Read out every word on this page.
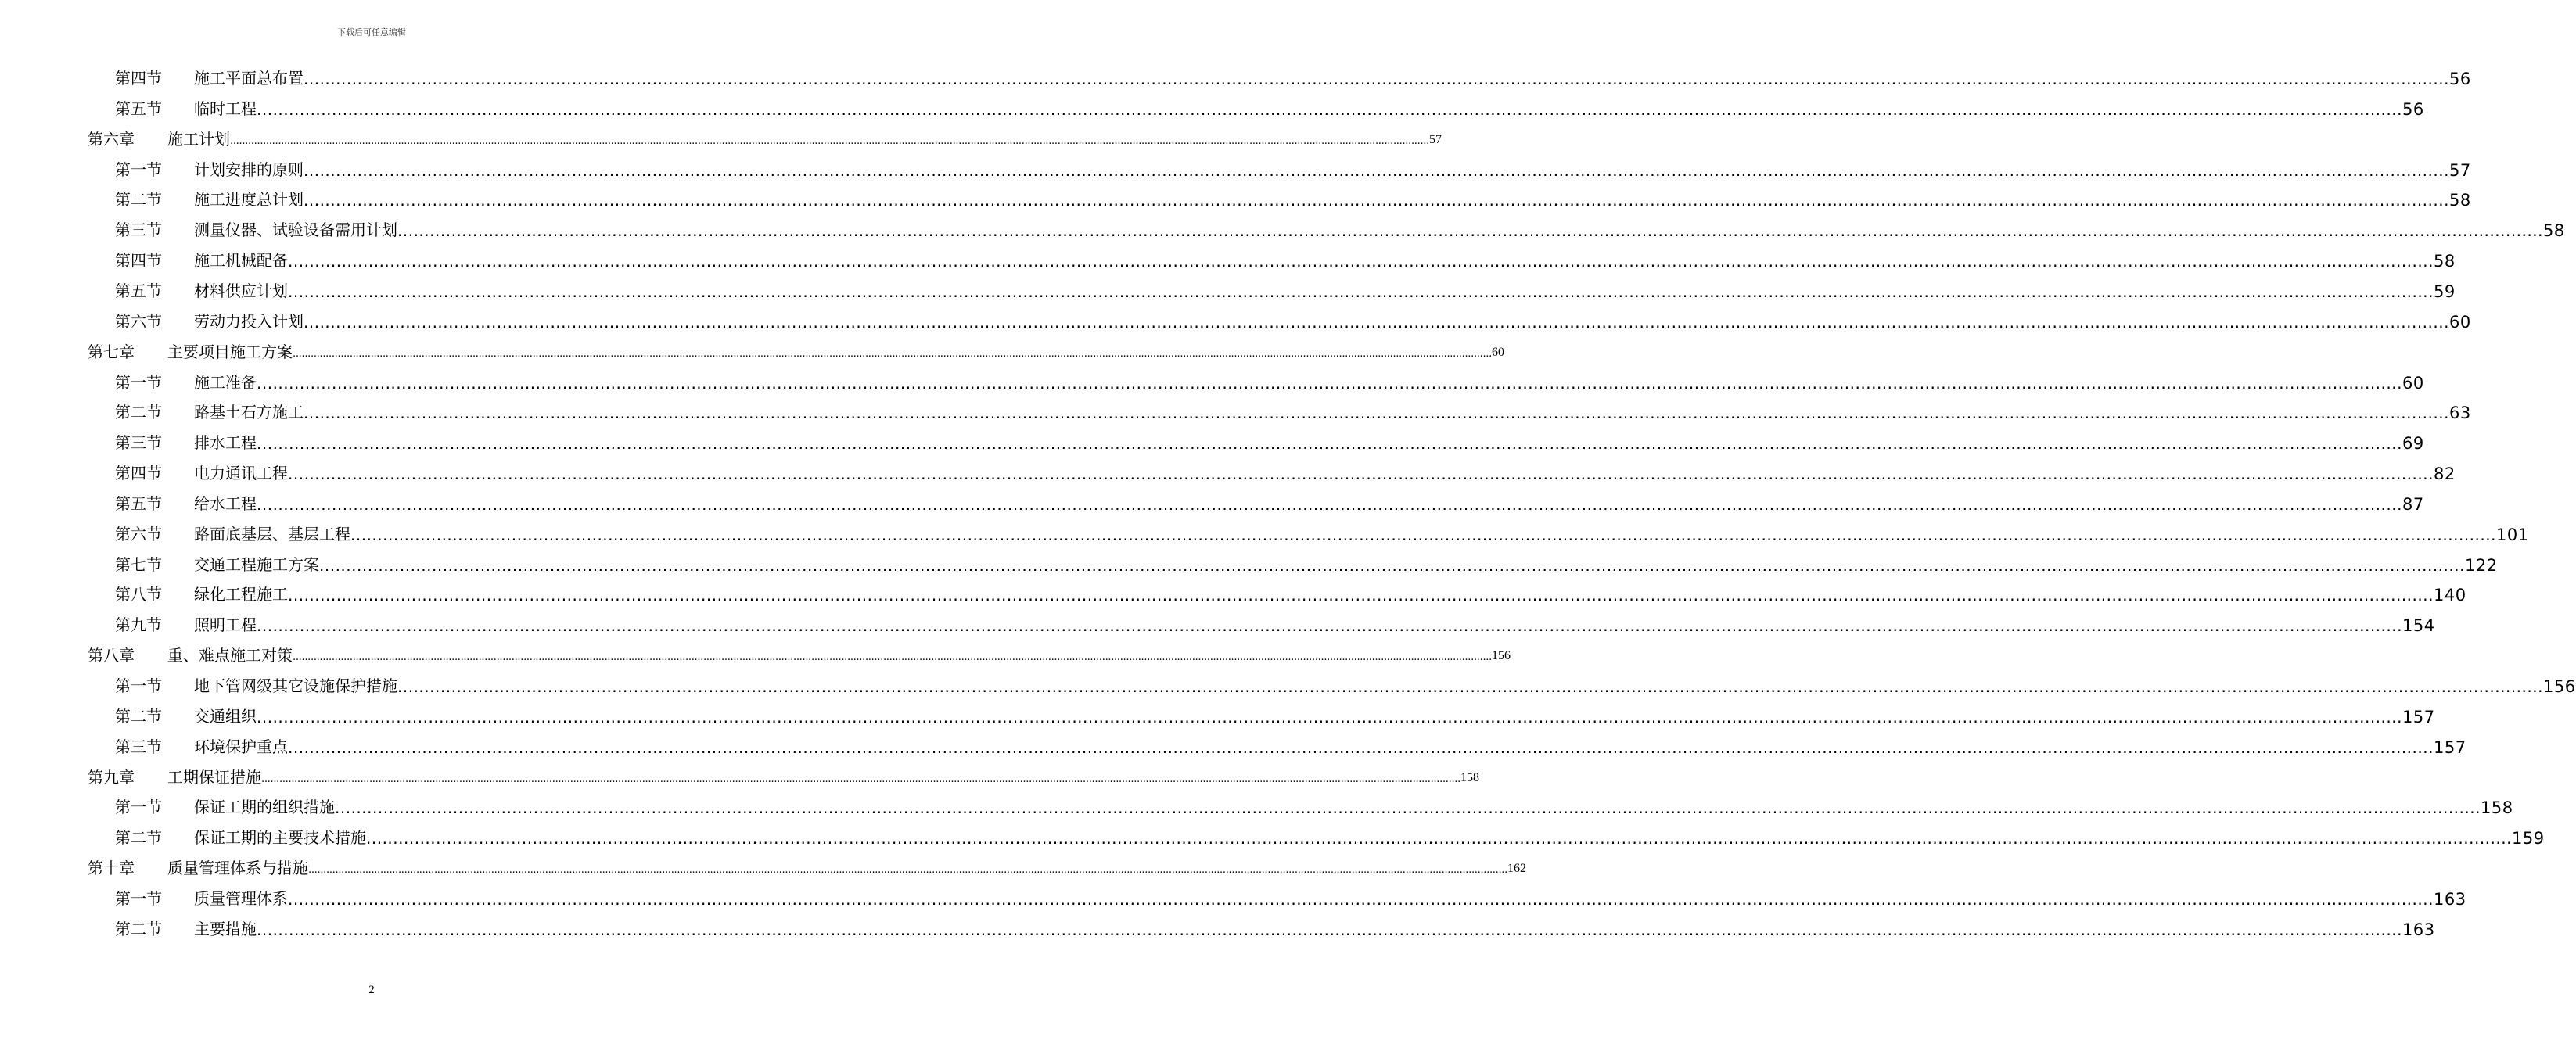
下载后可任意编辑
第四节	施工平面总布置 ................................................................................................................................................................................................................................................................................................................................................................................................................ 56
第五节	临时工程 ................................................................................................................................................................................................................................................................................................................................................................................................................ 56
第六章	施工计划 ................................................................................................................................................................................................................................................................................................................................................................................................................ 57
第一节	计划安排的原则 ................................................................................................................................................................................................................................................................................................................................................................................................................ 57
第二节	施工进度总计划 ................................................................................................................................................................................................................................................................................................................................................................................................................ 58
第三节	测量仪器、试验设备需用计划 ................................................................................................................................................................................................................................................................................................................................................................................................................ 58
第四节	施工机械配备 ................................................................................................................................................................................................................................................................................................................................................................................................................ 58
第五节	材料供应计划 ................................................................................................................................................................................................................................................................................................................................................................................................................ 59
第六节	劳动力投入计划 ................................................................................................................................................................................................................................................................................................................................................................................................................ 60
第七章	主要项目施工方案 ................................................................................................................................................................................................................................................................................................................................................................................................................ 60
第一节	施工准备 ................................................................................................................................................................................................................................................................................................................................................................................................................ 60
第二节	路基土石方施工 ................................................................................................................................................................................................................................................................................................................................................................................................................ 63
第三节	排水工程 ................................................................................................................................................................................................................................................................................................................................................................................................................ 69
第四节	电力通讯工程 ................................................................................................................................................................................................................................................................................................................................................................................................................ 82
第五节	给水工程 ................................................................................................................................................................................................................................................................................................................................................................................................................ 87
第六节	路面底基层、基层工程 ................................................................................................................................................................................................................................................................................................................................................................................................................ 101
第七节	交通工程施工方案 ................................................................................................................................................................................................................................................................................................................................................................................................................ 122
第八节	绿化工程施工 ................................................................................................................................................................................................................................................................................................................................................................................................................ 140
第九节	照明工程 ................................................................................................................................................................................................................................................................................................................................................................................................................ 154
第八章	重、难点施工对策 ................................................................................................................................................................................................................................................................................................................................................................................................................ 156
第一节	地下管网级其它设施保护措施 ................................................................................................................................................................................................................................................................................................................................................................................................................ 156
第二节	交通组织 ................................................................................................................................................................................................................................................................................................................................................................................................................ 157
第三节	环境保护重点 ................................................................................................................................................................................................................................................................................................................................................................................................................ 157
第九章	工期保证措施 ................................................................................................................................................................................................................................................................................................................................................................................................................ 158
第一节	保证工期的组织措施 ................................................................................................................................................................................................................................................................................................................................................................................................................ 158
第二节	保证工期的主要技术措施 ................................................................................................................................................................................................................................................................................................................................................................................................................ 159
第十章	质量管理体系与措施 ................................................................................................................................................................................................................................................................................................................................................................................................................ 162
第一节	质量管理体系 ................................................................................................................................................................................................................................................................................................................................................................................................................ 163
第二节	主要措施 ................................................................................................................................................................................................................................................................................................................................................................................................................ 163
2
